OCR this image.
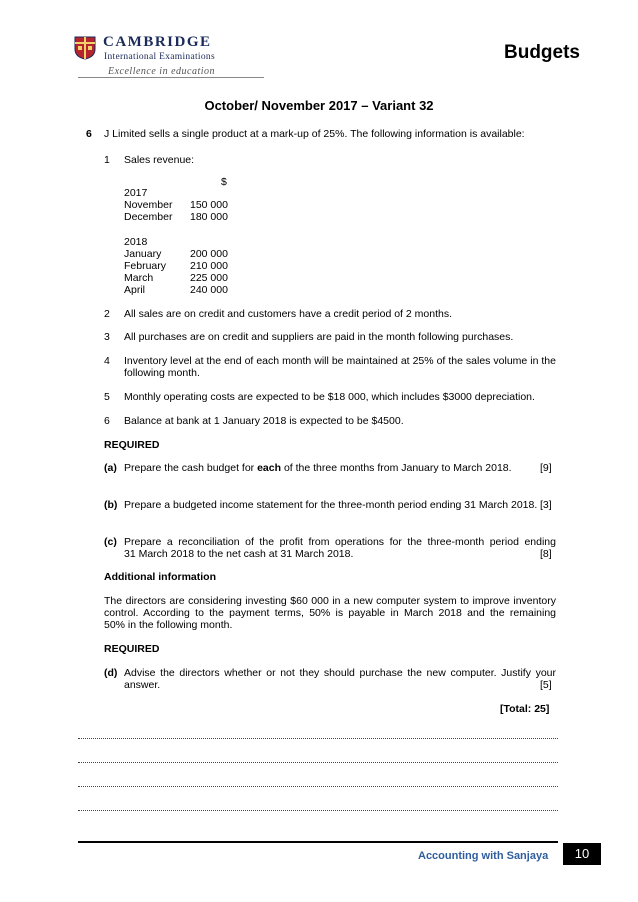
CAMBRIDGE
International Examinations
Excellence in education
Budgets
October/ November 2017 – Variant 32
6 J Limited sells a single product at a mark-up of 25%. The following information is available:
1 Sales revenue:
$
2017
November 150 000
December 180 000
2018
January	200 000
February 210 000
March	225 000
April	240 000
2 All sales are on credit and customers have a credit period of 2 months.
3 All purchases are on credit and suppliers are paid in the month following purchases.
4 Inventory level at the end of each month will be maintained at 25% of the sales volume in the
following month.
5 Monthly operating costs are expected to be $18 000, which includes $3000 depreciation.
6 Balance at bank at 1 January 2018 is expected to be $4500.
REQUIRED
(a) Prepare the cash budget for each of the three months from January to March 2018.	[9]
(b) Prepare a budgeted income statement for the three-month period ending 31 March 2018. [3]
(c) Prepare a reconciliation of the profit from operations for the three-month period ending
31 March 2018 to the net cash at 31 March 2018.	[8]
Additional information
The directors are considering investing $60 000 in a new computer system to improve inventory
control. According to the payment terms, 50% is payable in March 2018 and the remaining
50% in the following month.
REQUIRED
(d) Advise the directors whether or not they should purchase the new computer. Justify your
answer.	[5]
[Total: 25]
Accounting with Sanjaya	10
